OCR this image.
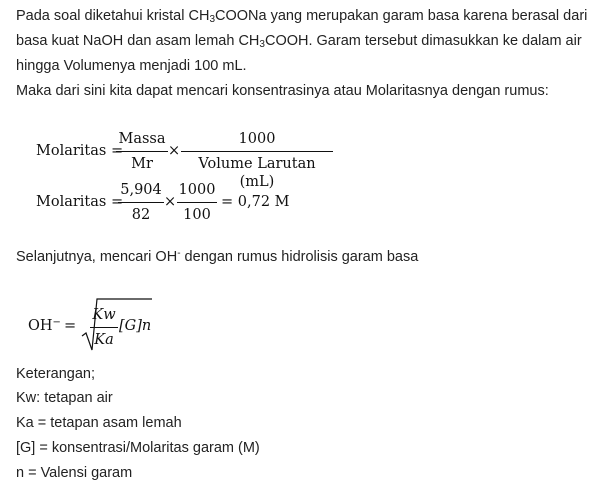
Pada soal diketahui kristal $CH_3COONa$ yang merupakan garam basa karena berasal dari
basa kuat NaOH dan asam lemah $CH_3COOH$. Garam tersebut dimasukkan ke dalam air
hingga Volumenya menjadi 100 mL.
Maka dari sini kita dapat mencari konsentrasinya atau Molaritasnya dengan rumus:
Molaritas =
Massa
Mr
×
1000
Volume Larutan (mL)
Molaritas =
$\frac{5,904}{82} \times \frac{1000}{100} = 0,72$ M
Selanjutnya, mencari OH- dengan rumus hidrolisis garam basa
$OH^- = \frac{Kw}{Ka} [G]n$
Keterangan;
Kw: tetapan air
Ka = tetapan asam lemah
[G] = konsentrasi/Molaritas garam (M)
n = Valensi garam
